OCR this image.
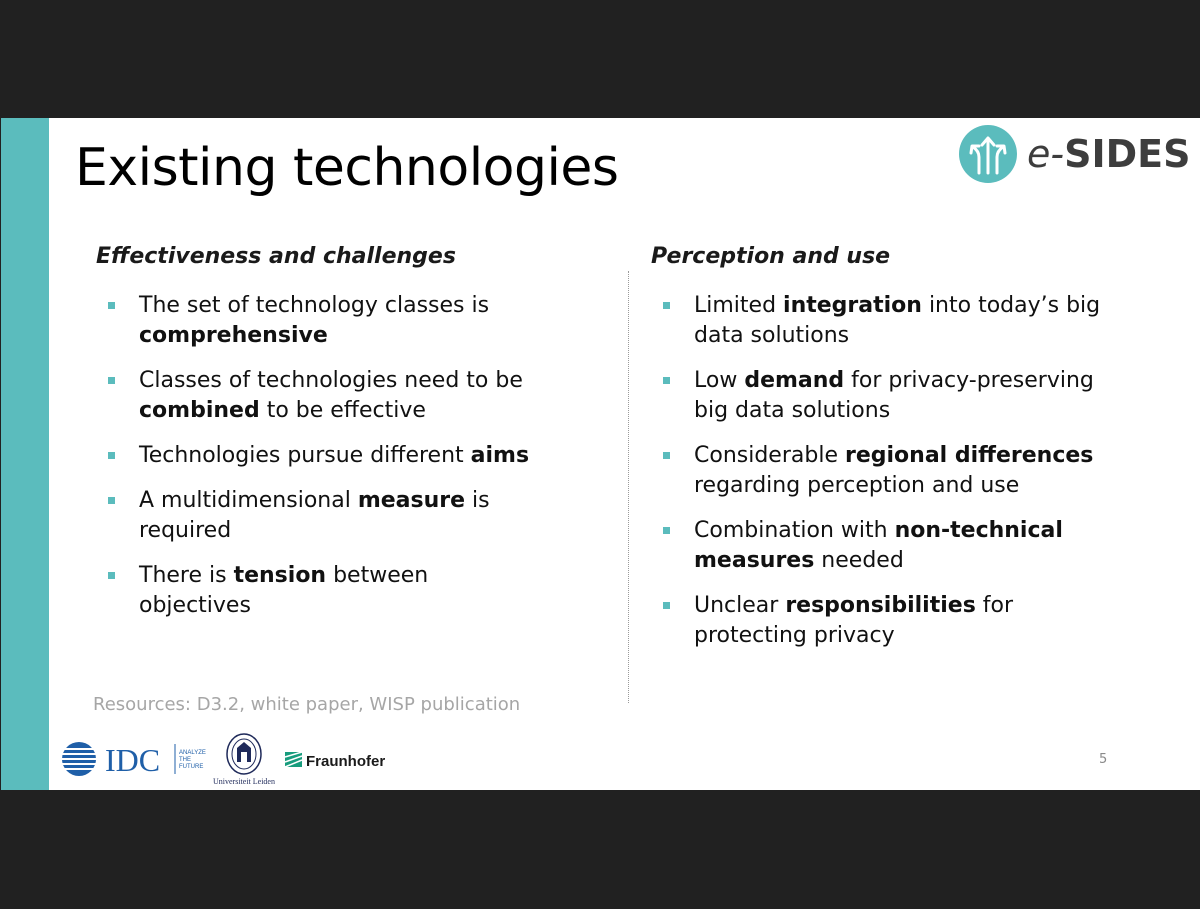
Existing technologies	e-SIDES
Effectiveness and challenges
The set of technology classes is comprehensive
Classes of technologies need to be combined to be effective
Technologies pursue different aims
A multidimensional measure is required
There is tension between objectives
Perception and use
Limited integration into today’s big data solutions
Low demand for privacy-preserving big data solutions
Considerable regional differences regarding perception and use
Combination with non-technical measures needed
Unclear responsibilities for protecting privacy
Resources: D3.2, white paper, WISP publication
IDC	ANALYZE
THE
FUTURE
Universiteit Leiden
Fraunhofer	5
